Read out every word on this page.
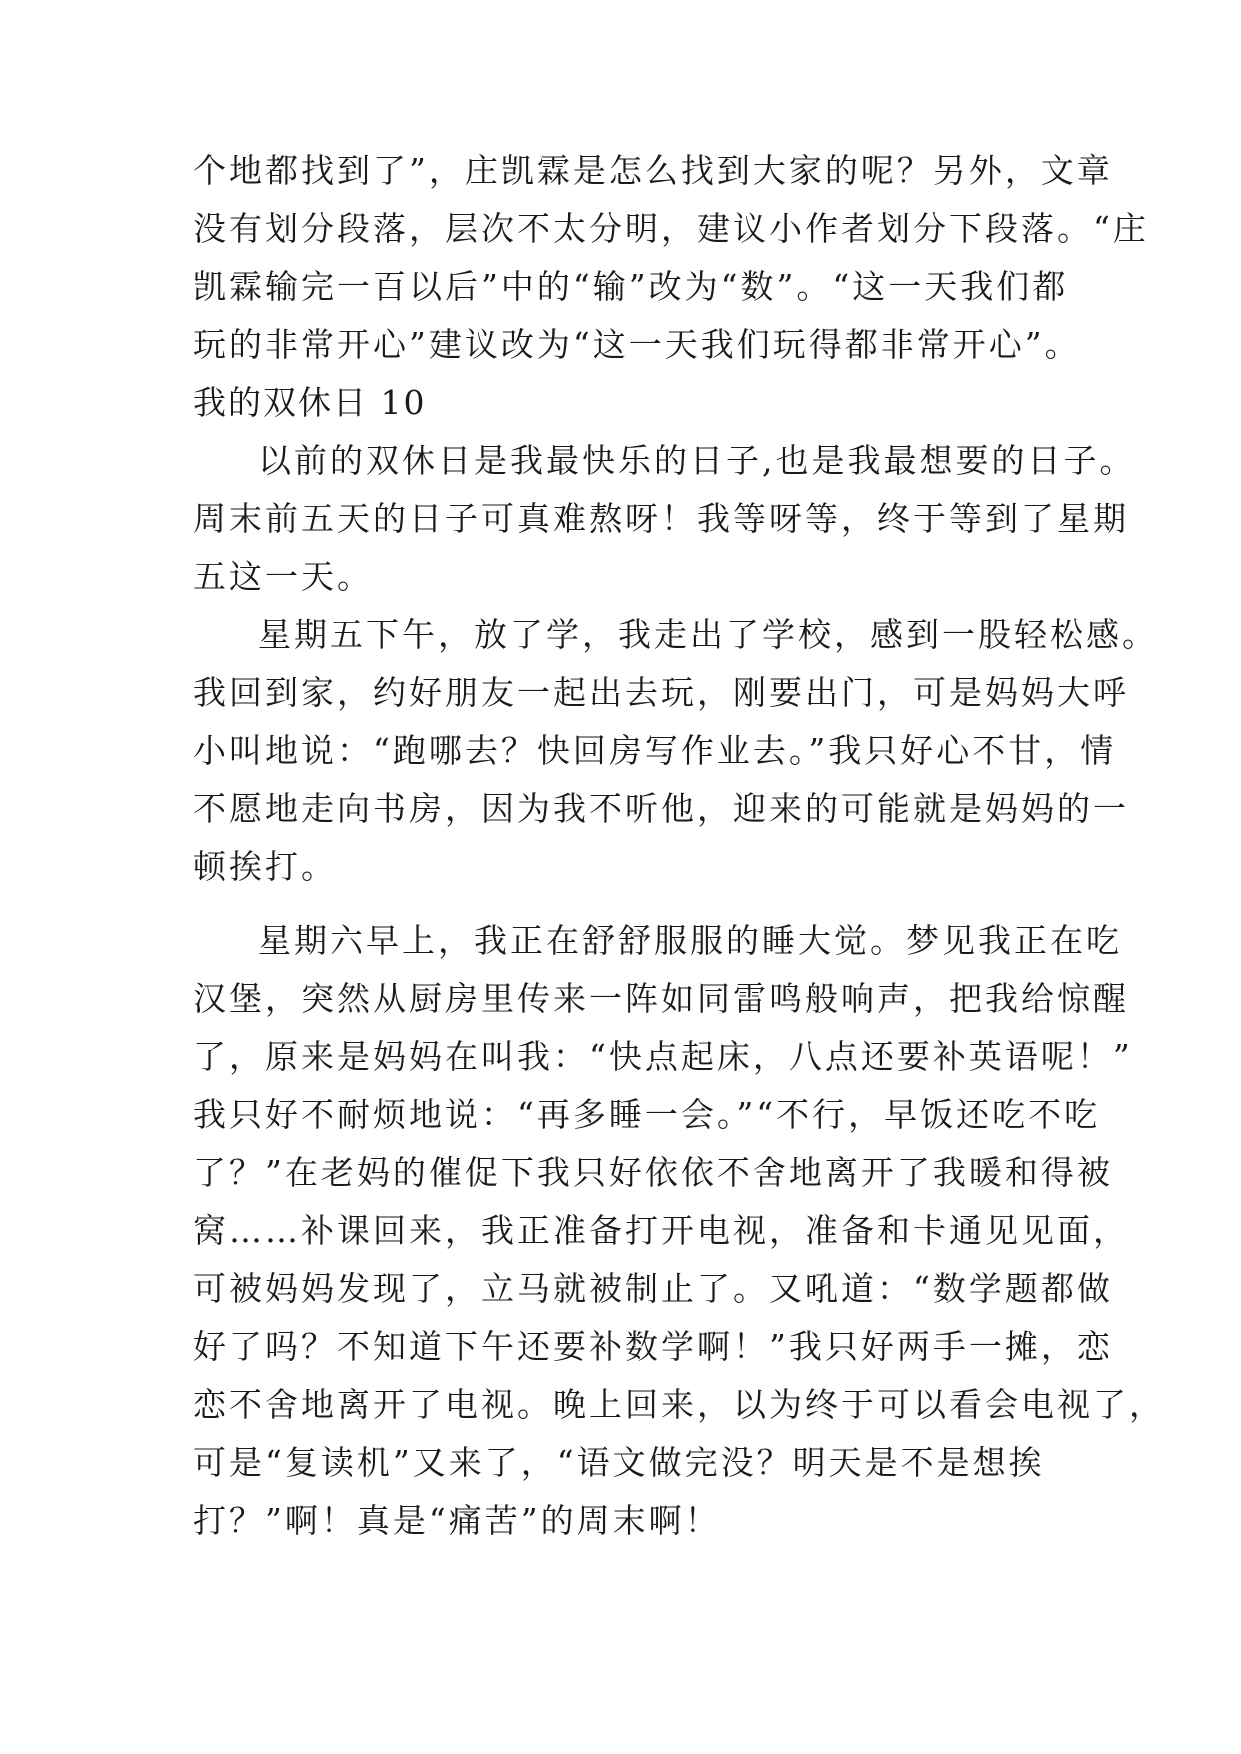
个地都找到了”，庄凯霖是怎么找到大家的呢？另外，文章
没有划分段落，层次不太分明，建议小作者划分下段落。“庄
凯霖输完一百以后”中的“输”改为“数”。“这一天我们都
玩的非常开心”建议改为“这一天我们玩得都非常开心”。
我的双休日 10
以前的双休日是我最快乐的日子,也是我最想要的日子。
周末前五天的日子可真难熬呀！我等呀等，终于等到了星期
五这一天。
星期五下午，放了学，我走出了学校，感到一股轻松感。
我回到家，约好朋友一起出去玩，刚要出门，可是妈妈大呼
小叫地说：“跑哪去？快回房写作业去。”我只好心不甘，情
不愿地走向书房，因为我不听他，迎来的可能就是妈妈的一
顿挨打。
星期六早上，我正在舒舒服服的睡大觉。梦见我正在吃
汉堡，突然从厨房里传来一阵如同雷鸣般响声，把我给惊醒
了，原来是妈妈在叫我：“快点起床，八点还要补英语呢！”
我只好不耐烦地说：“再多睡一会。”“不行，早饭还吃不吃
了？”在老妈的催促下我只好依依不舍地离开了我暖和得被
窝……补课回来，我正准备打开电视，准备和卡通见见面，
可被妈妈发现了，立马就被制止了。又吼道：“数学题都做
好了吗？不知道下午还要补数学啊！”我只好两手一摊，恋
恋不舍地离开了电视。晚上回来，以为终于可以看会电视了，
可是“复读机”又来了，“语文做完没？明天是不是想挨
打？”啊！真是“痛苦”的周末啊！
